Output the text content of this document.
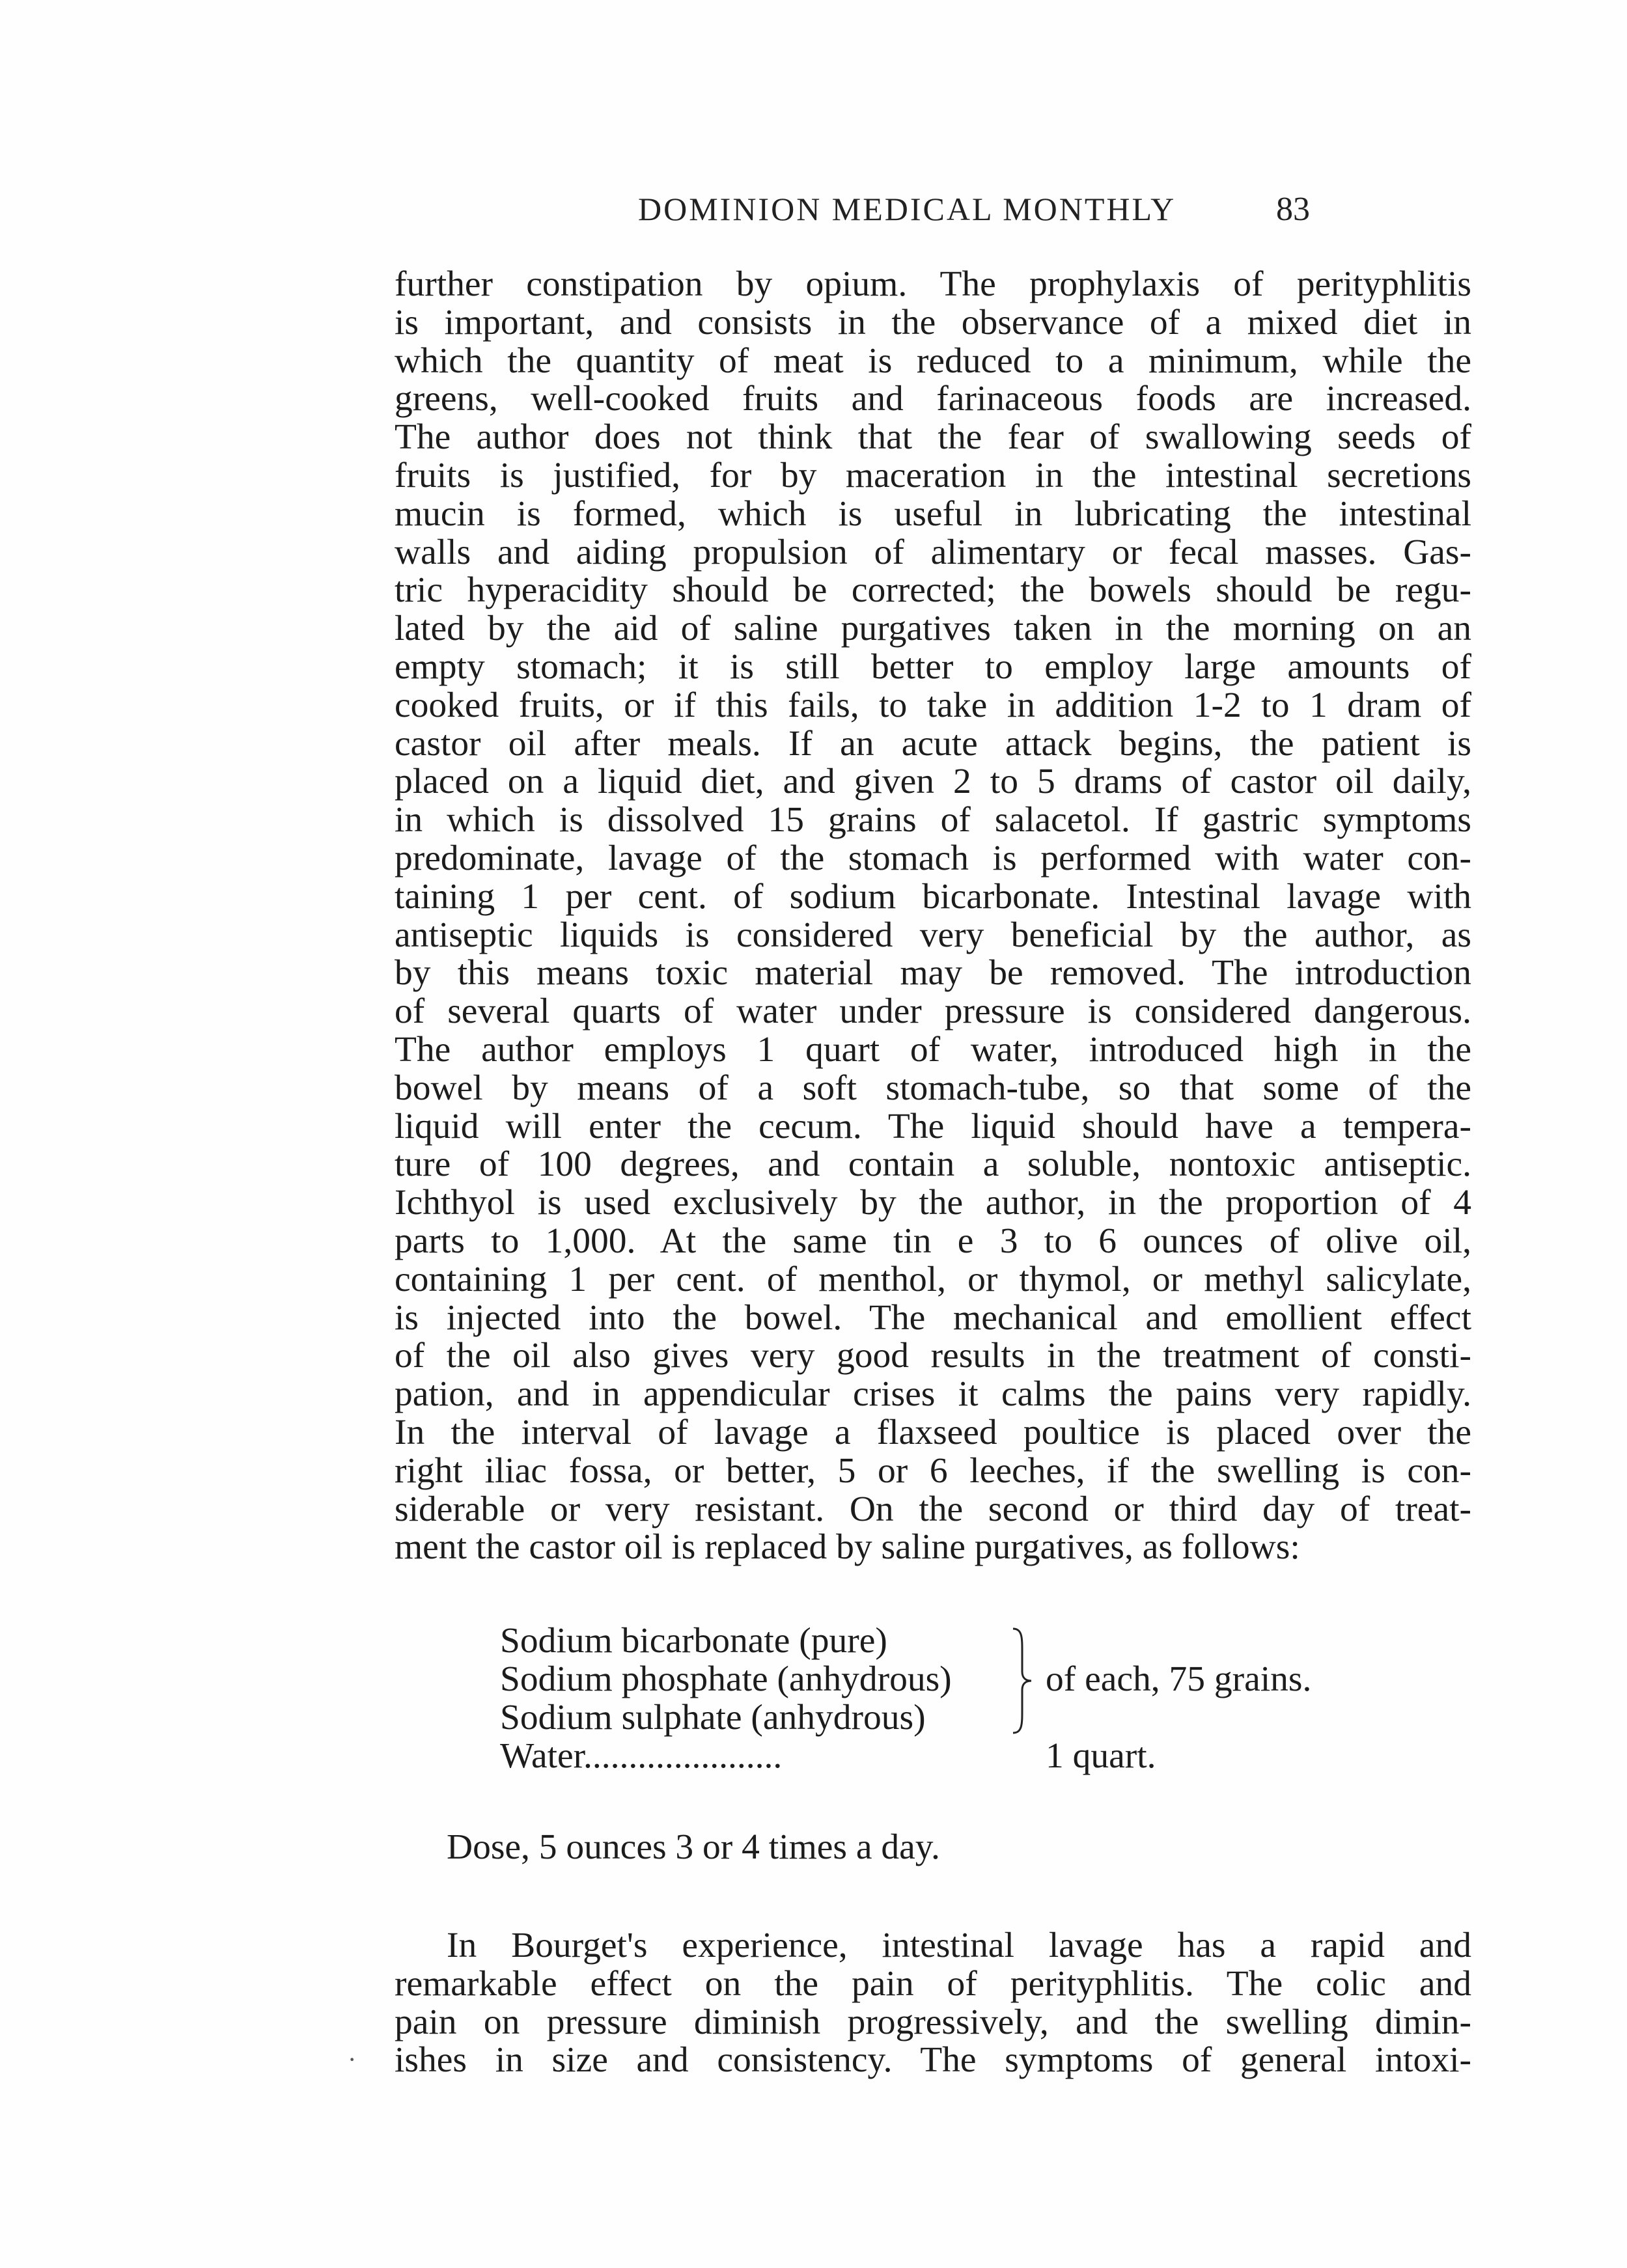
DOMINION MEDICAL MONTHLY	83
further constipation by opium. The prophylaxis of perityphlitis
is important, and consists in the observance of a mixed diet in
which the quantity of meat is reduced to a minimum, while the
greens, well-cooked fruits and farinaceous foods are increased.
The author does not think that the fear of swallowing seeds of
fruits is justified, for by maceration in the intestinal secretions
mucin is formed, which is useful in lubricating the intestinal
walls and aiding propulsion of alimentary or fecal masses. Gas-
tric hyperacidity should be corrected; the bowels should be regu-
lated by the aid of saline purgatives taken in the morning on an
empty stomach; it is still better to employ large amounts of
cooked fruits, or if this fails, to take in addition 1-2 to 1 dram of
castor oil after meals. If an acute attack begins, the patient is
placed on a liquid diet, and given 2 to 5 drams of castor oil daily,
in which is dissolved 15 grains of salacetol. If gastric symptoms
predominate, lavage of the stomach is performed with water con-
taining 1 per cent. of sodium bicarbonate. Intestinal lavage with
antiseptic liquids is considered very beneficial by the author, as
by this means toxic material may be removed. The introduction
of several quarts of water under pressure is considered dangerous.
The author employs 1 quart of water, introduced high in the
bowel by means of a soft stomach-tube, so that some of the
liquid will enter the cecum. The liquid should have a tempera-
ture of 100 degrees, and contain a soluble, nontoxic antiseptic.
Ichthyol is used exclusively by the author, in the proportion of 4
parts to 1,000. At the same tin e 3 to 6 ounces of olive oil,
containing 1 per cent. of menthol, or thymol, or methyl salicylate,
is injected into the bowel. The mechanical and emollient effect
of the oil also gives very good results in the treatment of consti-
pation, and in appendicular crises it calms the pains very rapidly.
In the interval of lavage a flaxseed poultice is placed over the
right iliac fossa, or better, 5 or 6 leeches, if the swelling is con-
siderable or very resistant. On the second or third day of treat-
ment the castor oil is replaced by saline purgatives, as follows:
Sodium bicarbonate (pure)
Sodium phosphate (anhydrous)
Sodium sulphate (anhydrous)
of each, 75 grains.
Water......................	1 quart.
Dose, 5 ounces 3 or 4 times a day.
In Bourget's experience, intestinal lavage has a rapid and
remarkable effect on the pain of perityphlitis. The colic and
pain on pressure diminish progressively, and the swelling dimin-
ishes in size and consistency. The symptoms of general intoxi-
·
